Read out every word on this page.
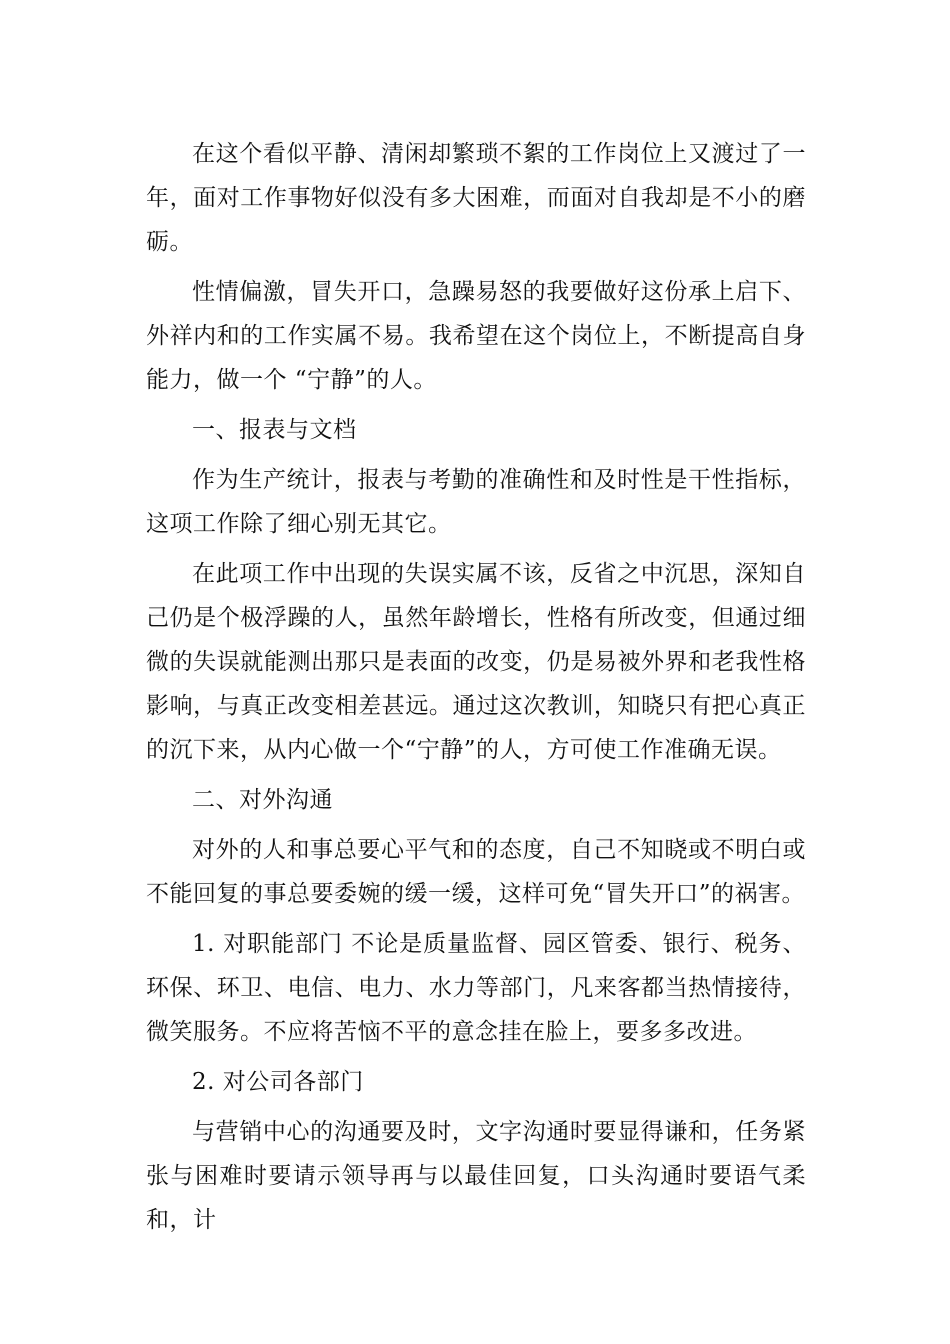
在这个看似平静、清闲却繁琐不絮的工作岗位上又渡过了一年，面对工作事物好似没有多大困难，而面对自我却是不小的磨砺。

性情偏激，冒失开口，急躁易怒的我要做好这份承上启下、外祥内和的工作实属不易。我希望在这个岗位上，不断提高自身能力，做一个 “宁静”的人。

一、报表与文档

作为生产统计，报表与考勤的准确性和及时性是干性指标，这项工作除了细心别无其它。

在此项工作中出现的失误实属不该，反省之中沉思，深知自己仍是个极浮躁的人，虽然年龄增长，性格有所改变，但通过细微的失误就能测出那只是表面的改变，仍是易被外界和老我性格影响，与真正改变相差甚远。通过这次教训，知晓只有把心真正的沉下来，从内心做一个“宁静”的人，方可使工作准确无误。

二、对外沟通

对外的人和事总要心平气和的态度，自己不知晓或不明白或不能回复的事总要委婉的缓一缓，这样可免“冒失开口”的祸害。

1. 对职能部门 不论是质量监督、园区管委、银行、税务、环保、环卫、电信、电力、水力等部门，凡来客都当热情接待，微笑服务。不应将苦恼不平的意念挂在脸上，要多多改进。

2. 对公司各部门

与营销中心的沟通要及时，文字沟通时要显得谦和，任务紧张与困难时要请示领导再与以最佳回复，口头沟通时要语气柔和，计
